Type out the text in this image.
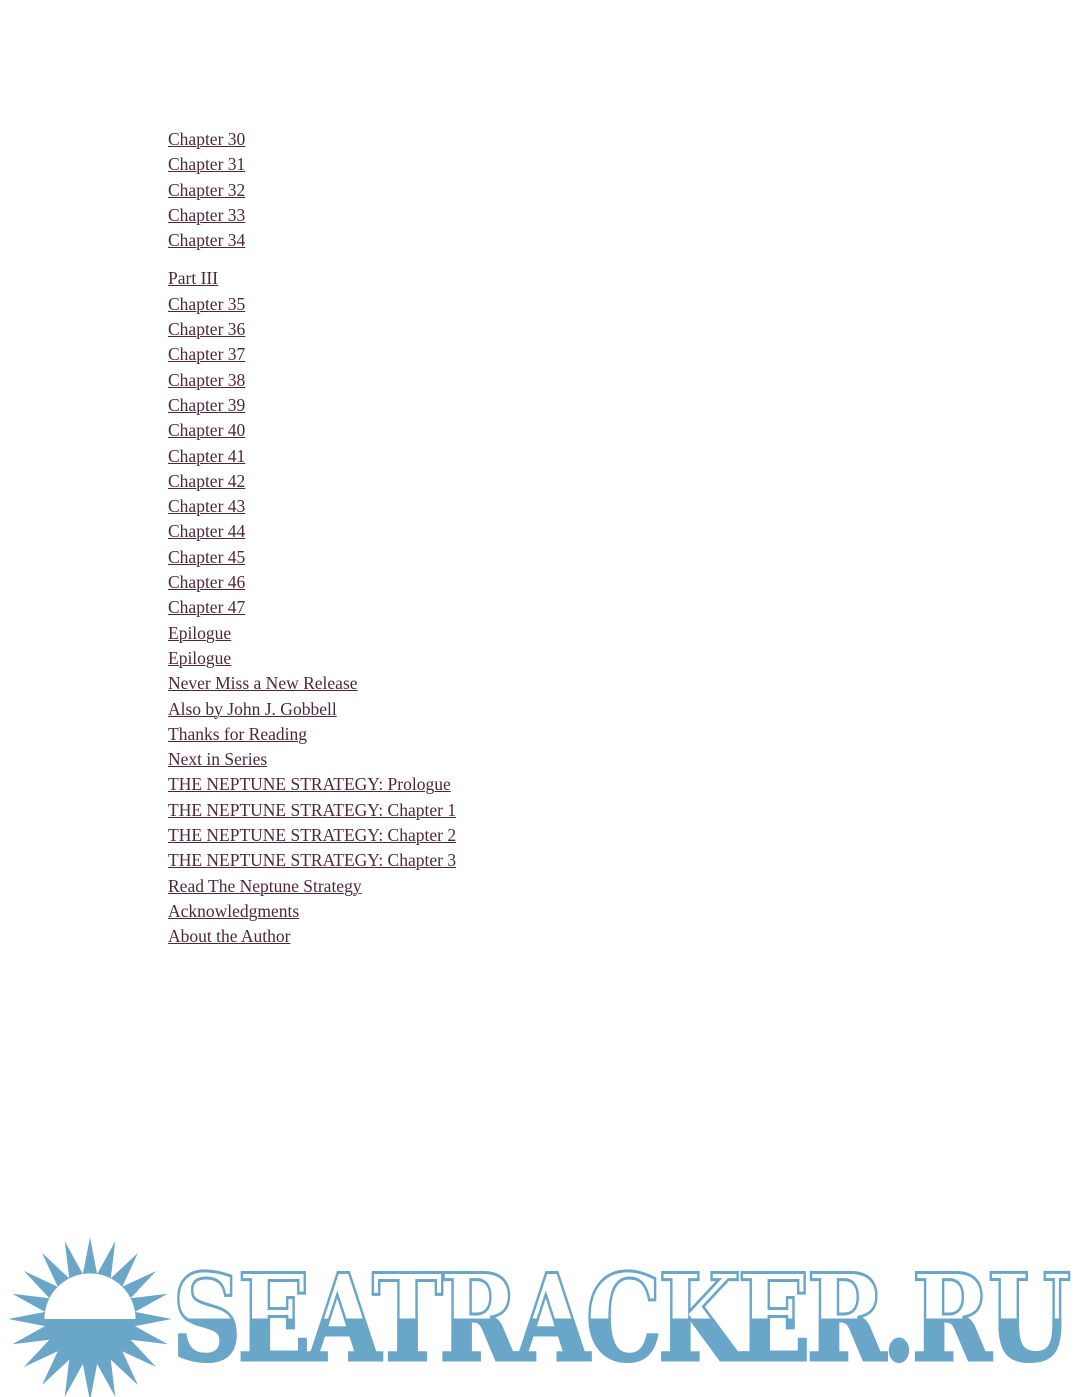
Chapter 30
Chapter 31
Chapter 32
Chapter 33
Chapter 34
Part III
Chapter 35
Chapter 36
Chapter 37
Chapter 38
Chapter 39
Chapter 40
Chapter 41
Chapter 42
Chapter 43
Chapter 44
Chapter 45
Chapter 46
Chapter 47
Epilogue
Epilogue
Never Miss a New Release
Also by John J. Gobbell
Thanks for Reading
Next in Series
THE NEPTUNE STRATEGY: Prologue
THE NEPTUNE STRATEGY: Chapter 1
THE NEPTUNE STRATEGY: Chapter 2
THE NEPTUNE STRATEGY: Chapter 3
Read The Neptune Strategy
Acknowledgments
About the Author
SEATRACKER.RU
